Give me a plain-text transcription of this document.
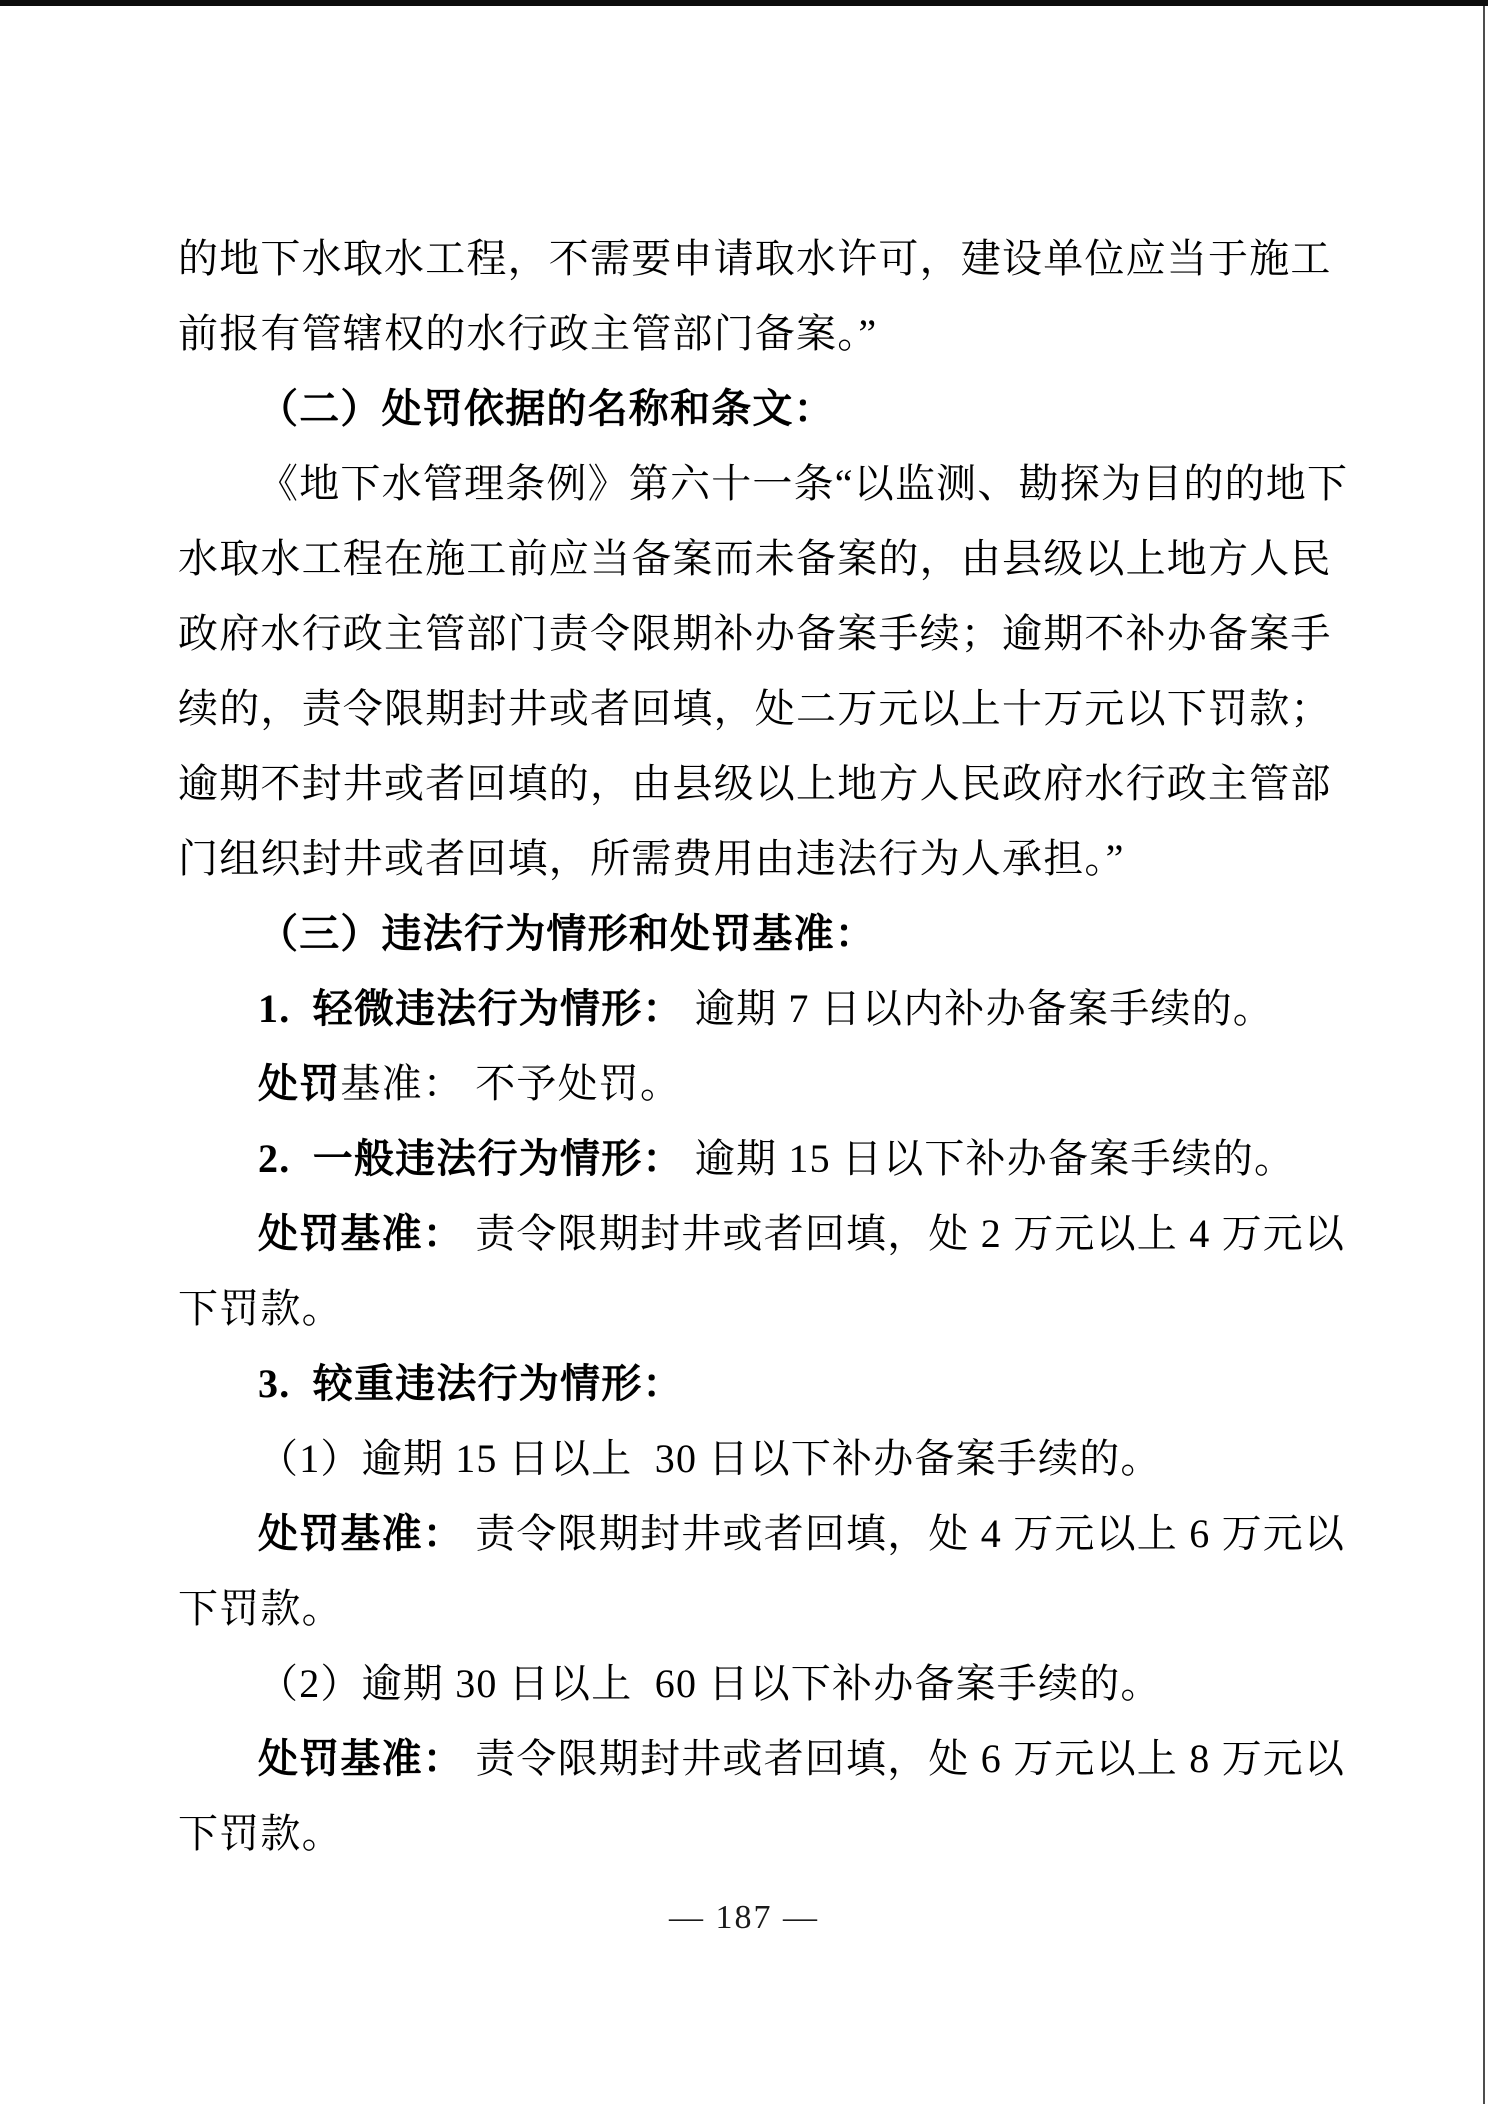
的地下水取水工程，不需要申请取水许可，建设单位应当于施工
前报有管辖权的水行政主管部门备案。”
（二）处罚依据的名称和条文：
《地下水管理条例》第六十一条“以监测、勘探为目的的地下
水取水工程在施工前应当备案而未备案的，由县级以上地方人民
政府水行政主管部门责令限期补办备案手续；逾期不补办备案手
续的，责令限期封井或者回填，处二万元以上十万元以下罚款；
逾期不封井或者回填的，由县级以上地方人民政府水行政主管部
门组织封井或者回填，所需费用由违法行为人承担。”
（三）违法行为情形和处罚基准：
1.  轻微违法行为情形： 逾期 7 日以内补办备案手续的。
处罚基准： 不予处罚。
2.  一般违法行为情形： 逾期 15 日以下补办备案手续的。
处罚基准： 责令限期封井或者回填，处 2 万元以上 4 万元以
下罚款。
3.  较重违法行为情形：
（1）逾期 15 日以上  30 日以下补办备案手续的。
处罚基准： 责令限期封井或者回填，处 4 万元以上 6 万元以
下罚款。
（2）逾期 30 日以上  60 日以下补办备案手续的。
处罚基准： 责令限期封井或者回填，处 6 万元以上 8 万元以
下罚款。
— 187 —
